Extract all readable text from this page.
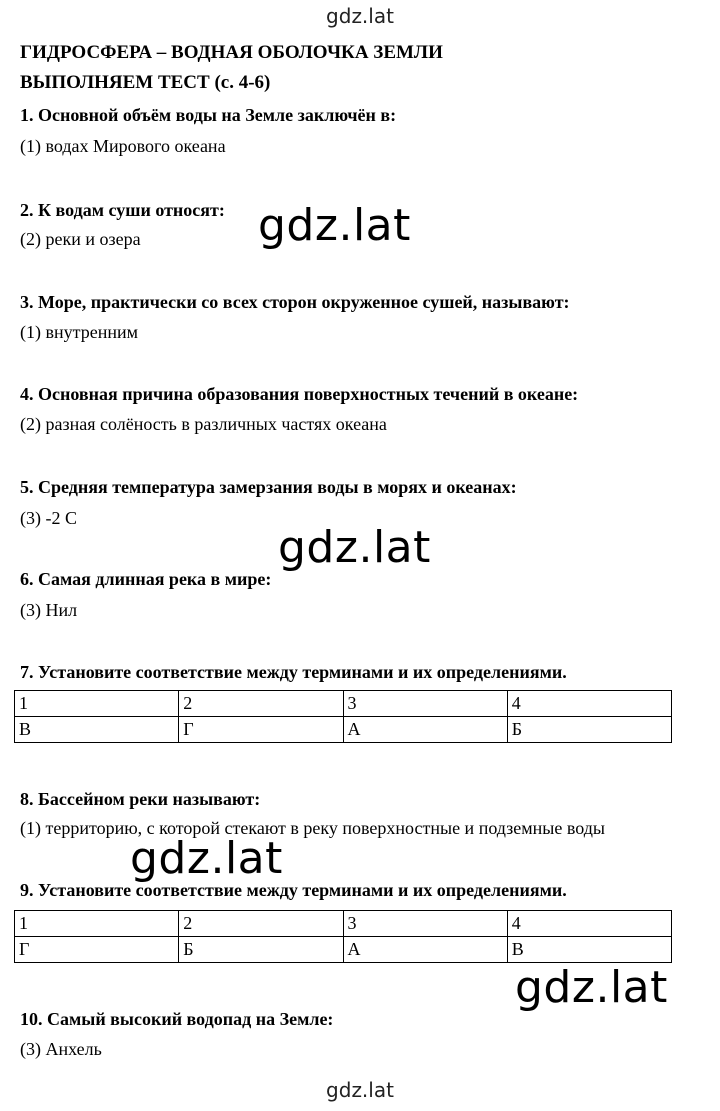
gdz.lat
ГИДРОСФЕРА – ВОДНАЯ ОБОЛОЧКА ЗЕМЛИ
ВЫПОЛНЯЕМ ТЕСТ (с. 4-6)
1. Основной объём воды на Земле заключён в:
(1) водах Мирового океана
2. К водам суши относят:
(2) реки и озера
3. Море, практически со всех сторон окруженное сушей, называют:
(1) внутренним
4. Основная причина образования поверхностных течений в океане:
(2) разная солёность в различных частях океана
5. Средняя температура замерзания воды в морях и океанах:
(3) -2 С
6. Самая длинная река в мире:
(3) Нил
7. Установите соответствие между терминами и их определениями.
1	2	3	4
В	Г	А	Б
8. Бассейном реки называют:
(1) территорию, с которой стекают в реку поверхностные и подземные воды
9. Установите соответствие между терминами и их определениями.
1	2	3	4
Г	Б	А	В
10. Самый высокий водопад на Земле:
(3) Анхель
gdz.lat
gdz.lat
gdz.lat
gdz.lat
gdz.lat
